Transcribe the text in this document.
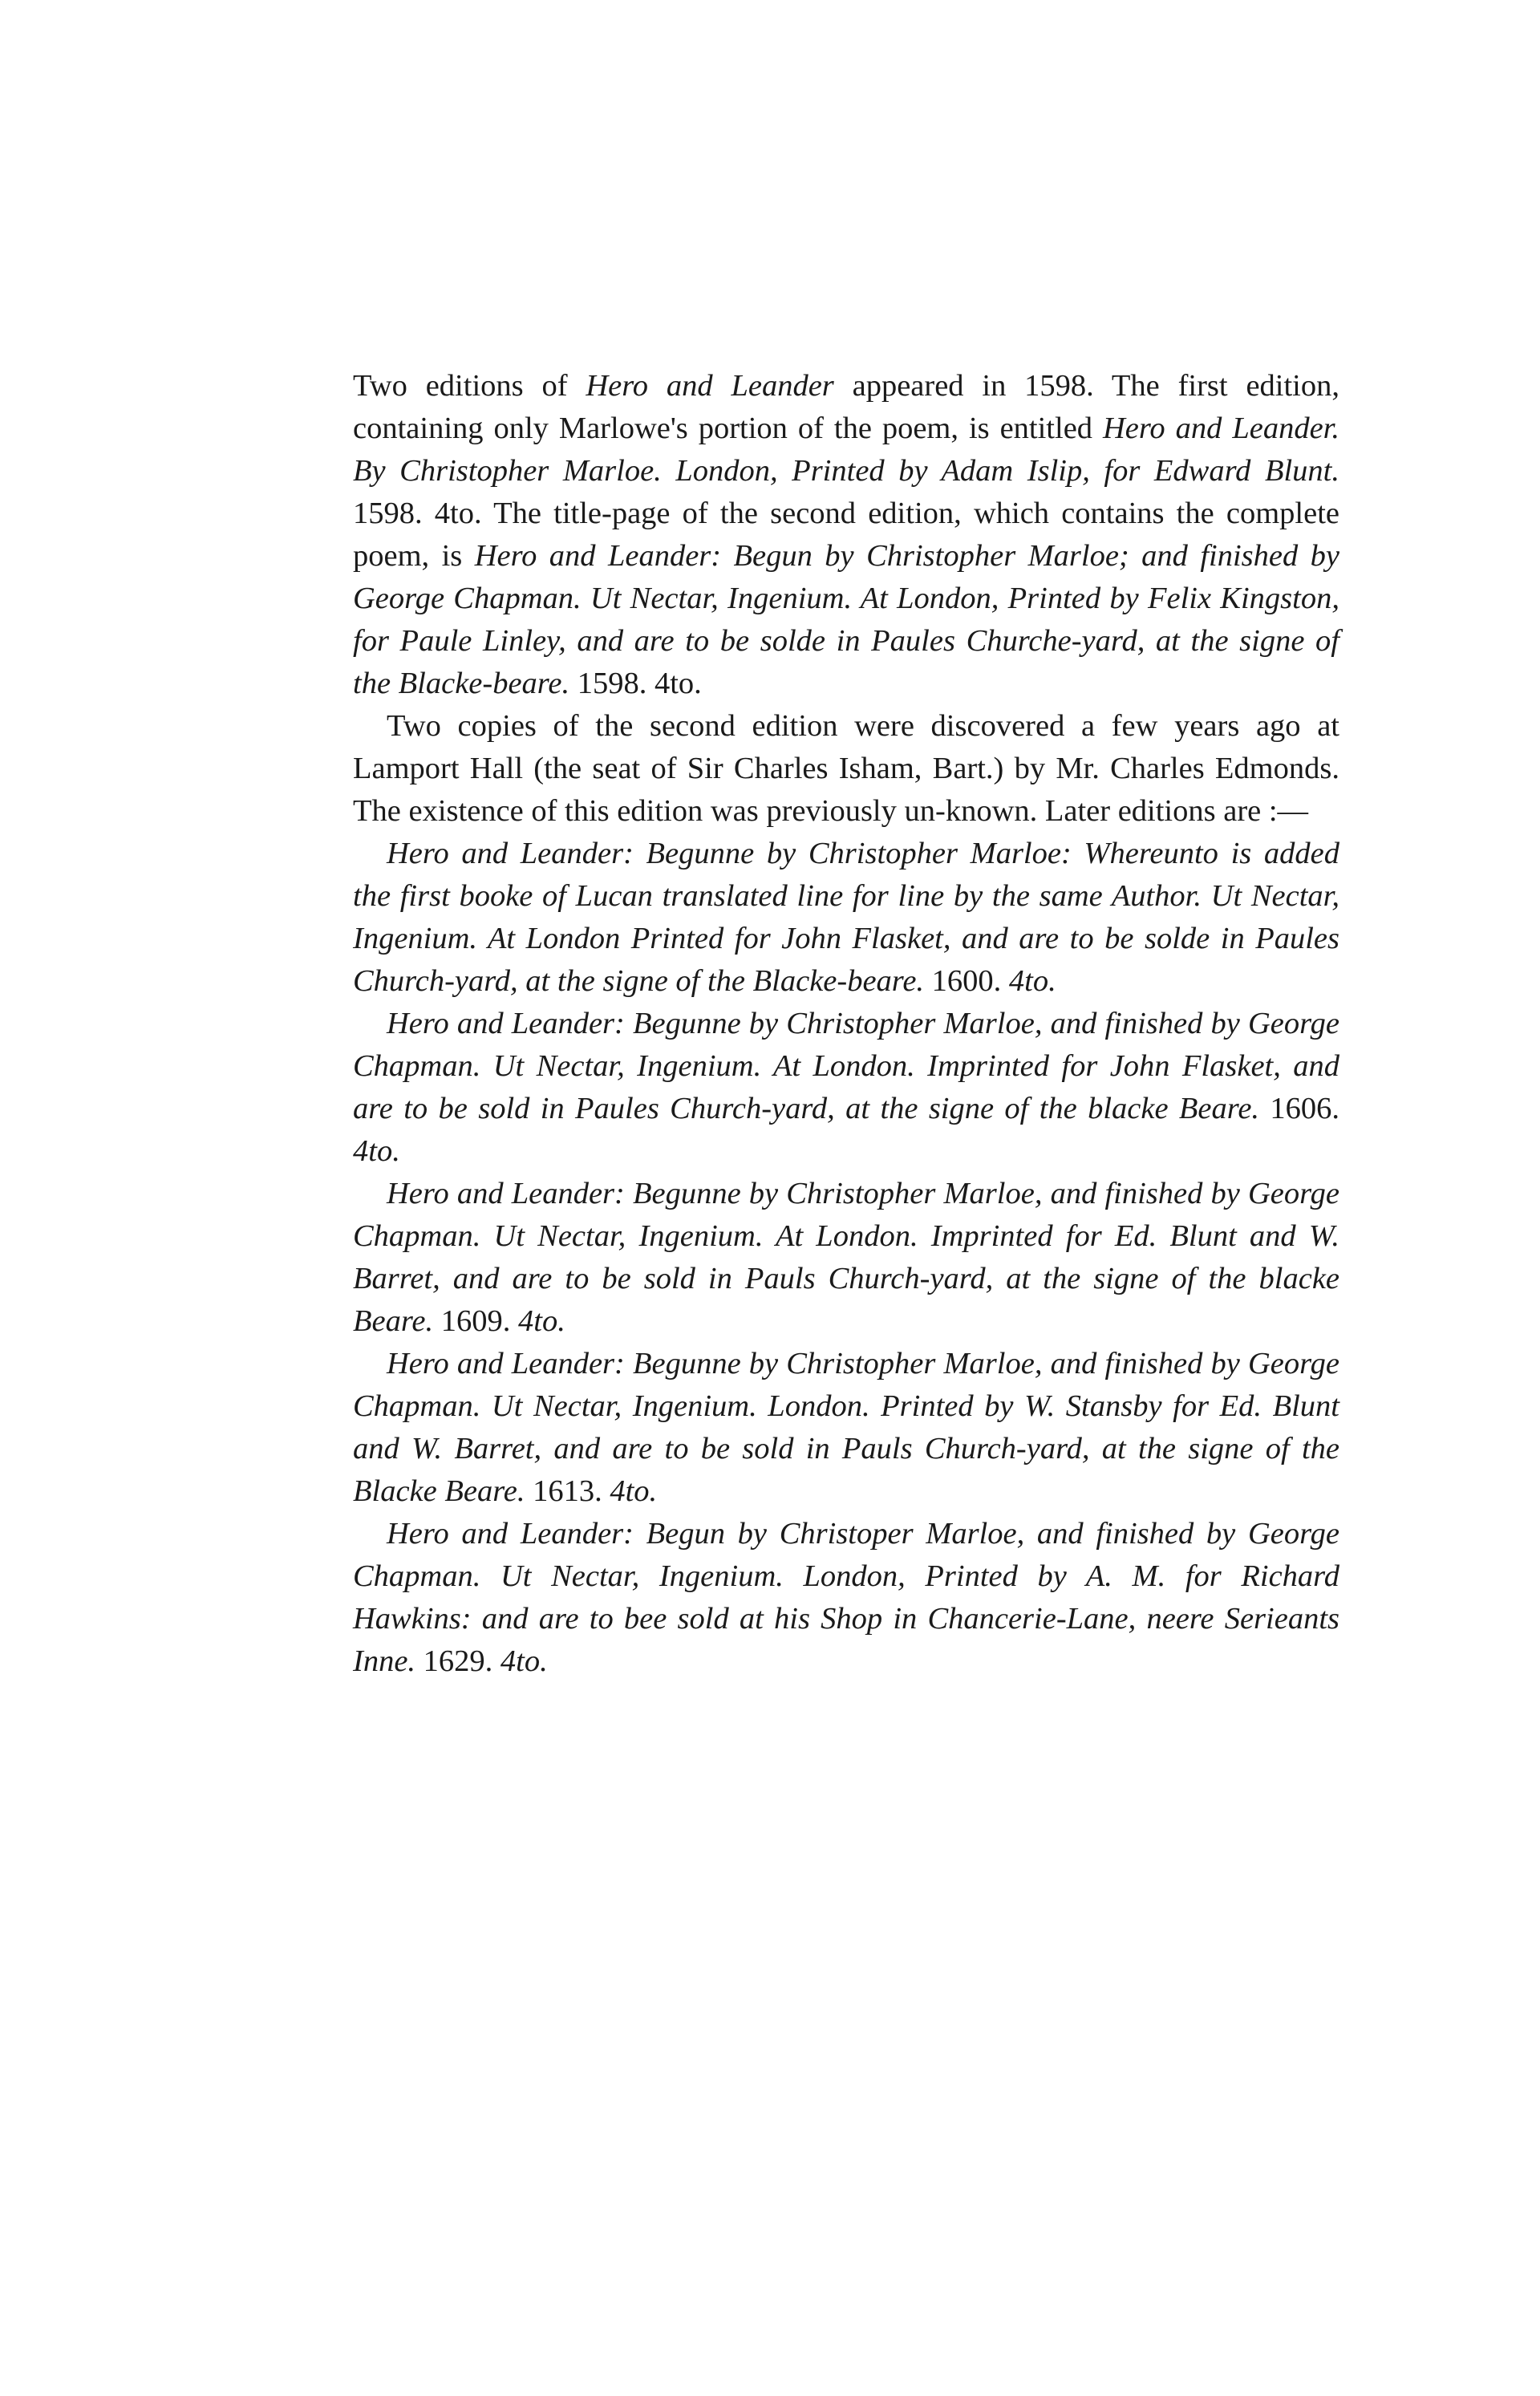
Two editions of Hero and Leander appeared in 1598. The first edition, containing only Marlowe's portion of the poem, is entitled Hero and Leander. By Christopher Marloe. London, Printed by Adam Islip, for Edward Blunt. 1598. 4to. The title-page of the second edition, which contains the complete poem, is Hero and Leander: Begun by Christopher Marloe; and finished by George Chapman. Ut Nectar, Ingenium. At London, Printed by Felix Kingston, for Paule Linley, and are to be solde in Paules Churche-yard, at the signe of the Blacke-beare. 1598. 4to.

Two copies of the second edition were discovered a few years ago at Lamport Hall (the seat of Sir Charles Isham, Bart.) by Mr. Charles Edmonds. The existence of this edition was previously un-known. Later editions are :—

Hero and Leander: Begunne by Christopher Marloe: Whereunto is added the first booke of Lucan translated line for line by the same Author. Ut Nectar, Ingenium. At London Printed for John Flasket, and are to be solde in Paules Church-yard, at the signe of the Blacke-beare. 1600. 4to.

Hero and Leander: Begunne by Christopher Marloe, and finished by George Chapman. Ut Nectar, Ingenium. At London. Imprinted for John Flasket, and are to be sold in Paules Church-yard, at the signe of the blacke Beare. 1606. 4to.

Hero and Leander: Begunne by Christopher Marloe, and finished by George Chapman. Ut Nectar, Ingenium. At London. Imprinted for Ed. Blunt and W. Barret, and are to be sold in Pauls Church-yard, at the signe of the blacke Beare. 1609. 4to.

Hero and Leander: Begunne by Christopher Marloe, and finished by George Chapman. Ut Nectar, Ingenium. London. Printed by W. Stansby for Ed. Blunt and W. Barret, and are to be sold in Pauls Church-yard, at the signe of the Blacke Beare. 1613. 4to.

Hero and Leander: Begun by Christoper Marloe, and finished by George Chapman. Ut Nectar, Ingenium. London, Printed by A. M. for Richard Hawkins: and are to bee sold at his Shop in Chancerie-Lane, neere Serieants Inne. 1629. 4to.
